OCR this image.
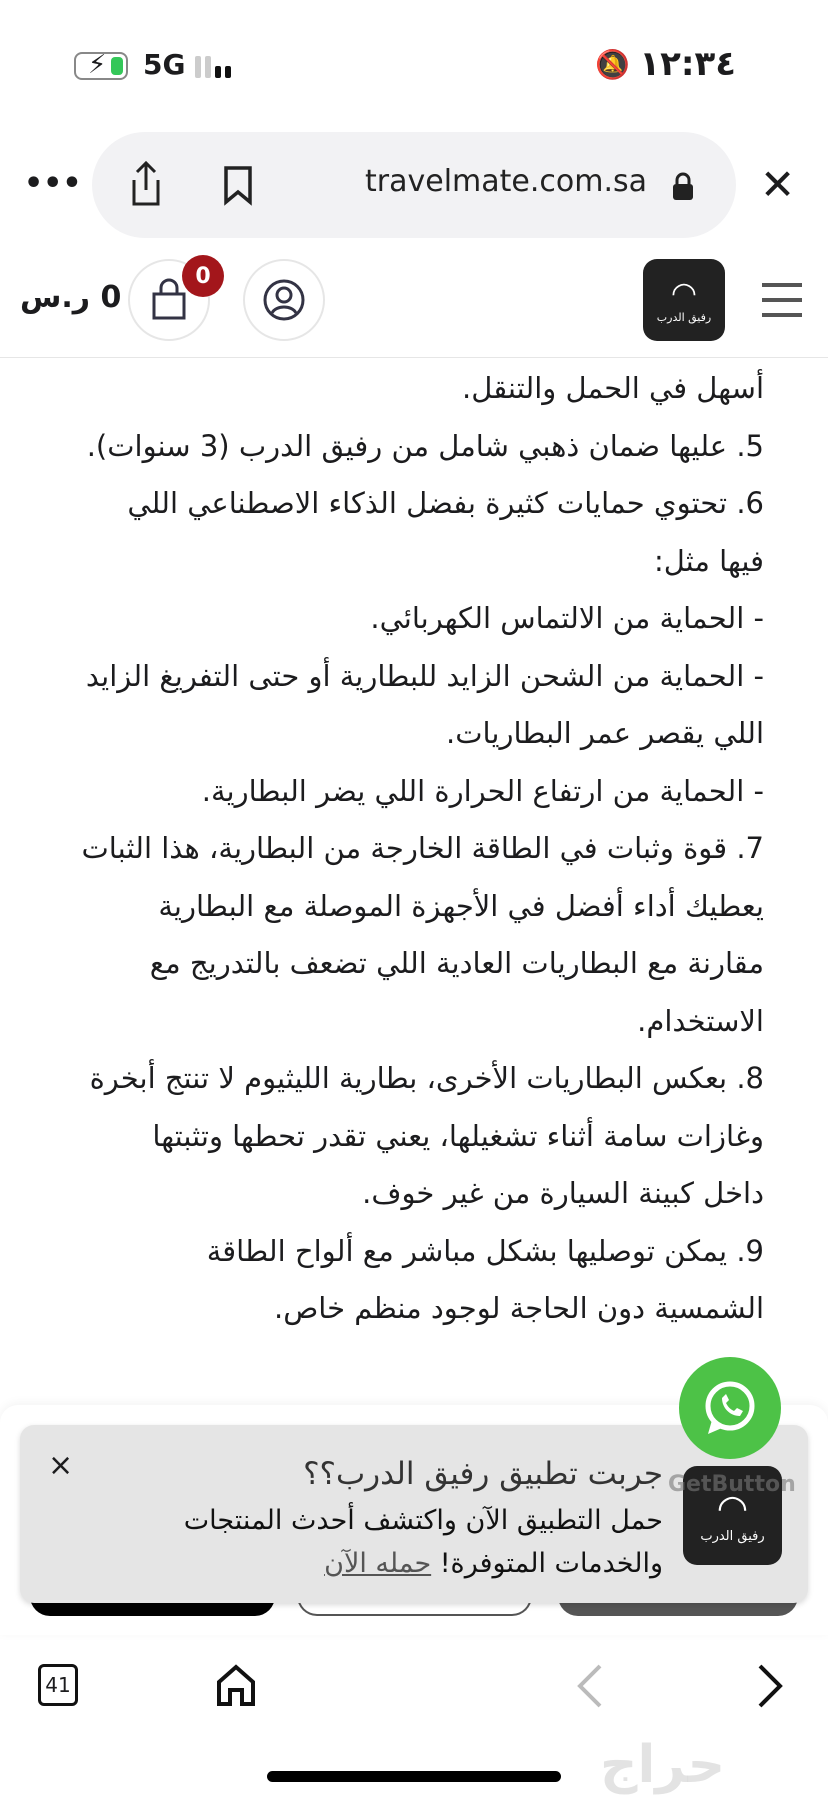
⚡ 5G	🔕 ١٢:٣٤
•••	travelmate.com.sa	✕
0 ر.س
0	◠
رفيق الدرب
أسهل في الحمل والتنقل.
5. عليها ضمان ذهبي شامل من رفيق الدرب (3 سنوات).
6. تحتوي حمايات كثيرة بفضل الذكاء الاصطناعي اللي
فيها مثل:
- الحماية من الالتماس الكهربائي.
- الحماية من الشحن الزايد للبطارية أو حتى التفريغ الزايد
اللي يقصر عمر البطاريات.
- الحماية من ارتفاع الحرارة اللي يضر البطارية.
7. قوة وثبات في الطاقة الخارجة من البطارية، هذا الثبات
يعطيك أداء أفضل في الأجهزة الموصلة مع البطارية
مقارنة مع البطاريات العادية اللي تضعف بالتدريج مع
الاستخدام.
8. بعكس البطاريات الأخرى، بطارية الليثيوم لا تنتج أبخرة
وغازات سامة أثناء تشغيلها، يعني تقدر تحطها وتثبتها
داخل كبينة السيارة من غير خوف.
9. يمكن توصليها بشكل مباشر مع ألواح الطاقة
الشمسية دون الحاجة لوجود منظم خاص.
×
◠
رفيق الدرب
جربت تطبيق رفيق الدرب؟؟
حمل التطبيق الآن واكتشف أحدث المنتجات
والخدمات المتوفرة! حمله الآن
GetButton
41
حراج
